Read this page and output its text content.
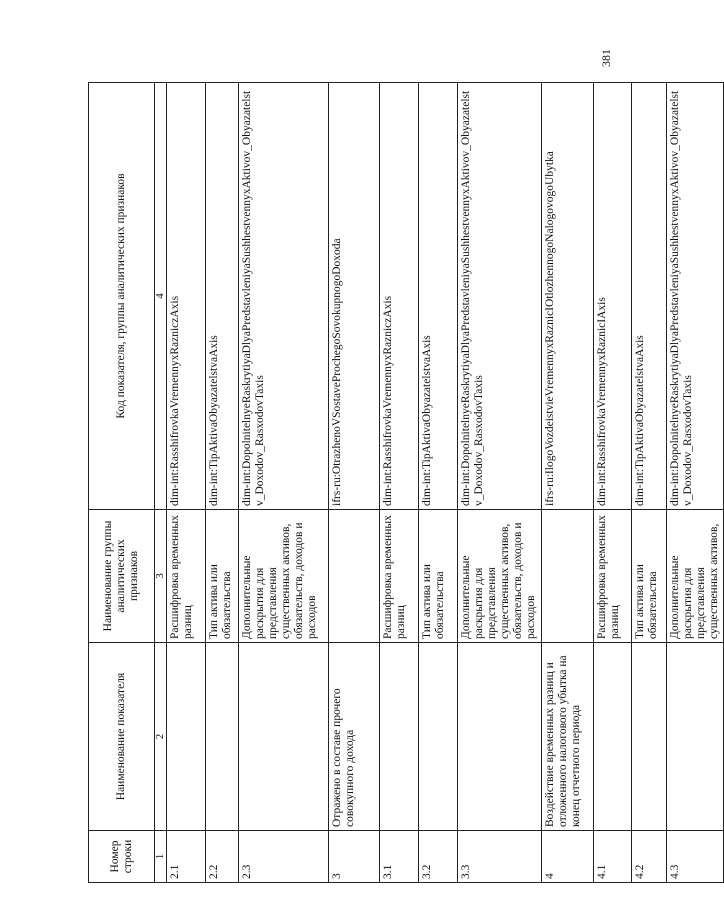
381
Номер строки	Наименование показателя	Наименование группы аналитических признаков	Код показателя, группы аналитических признаков
1	2	3	4
2.1		Расшифровка временных разниц	dim-int:RasshifrovkaVremennyxRazniczAxis
2.2		Тип актива или обязательства	dim-int:TipAktivaObyazatelstvaAxis
2.3		Дополнительные раскрытия для представления существенных активов, обязательств, доходов и расходов	dim-int:DopolnitelnyeRaskrytiyaDlyaPredstavleniyaSushhestvennyxAktivov_Obyazatelstv_Doxodov_RasxodovTaxis
3	Отражено в составе прочего совокупного дохода		ifrs-ru:OtrazhenoVSostaveProchegoSovokupnogoDoxoda
3.1		Расшифровка временных разниц	dim-int:RasshifrovkaVremennyxRazniczAxis
3.2		Тип актива или обязательства	dim-int:TipAktivaObyazatelstvaAxis
3.3		Дополнительные раскрытия для представления существенных активов, обязательств, доходов и расходов	dim-int:DopolnitelnyeRaskrytiyaDlyaPredstavleniyaSushhestvennyxAktivov_Obyazatelstv_Doxodov_RasxodovTaxis
4	Воздействие временных разниц и отложенного налогового убытка на конец отчетного периода		ifrs-ru:IlogoVozdeistvieVremennyxRaznicIOtlozhennogoNalogovogoUbytka
4.1		Расшифровка временных разниц	dim-int:RasshifrovkaVremennyxRaznicIAxis
4.2		Тип актива или обязательства	dim-int:TipAktivaObyazatelstvaAxis
4.3		Дополнительные раскрытия для представления существенных активов,	dim-int:DopolnitelnyeRaskrytiyaDlyaPredstavleniyaSushhestvennyxAktivov_Obyazatelstv_Doxodov_RasxodovTaxis
